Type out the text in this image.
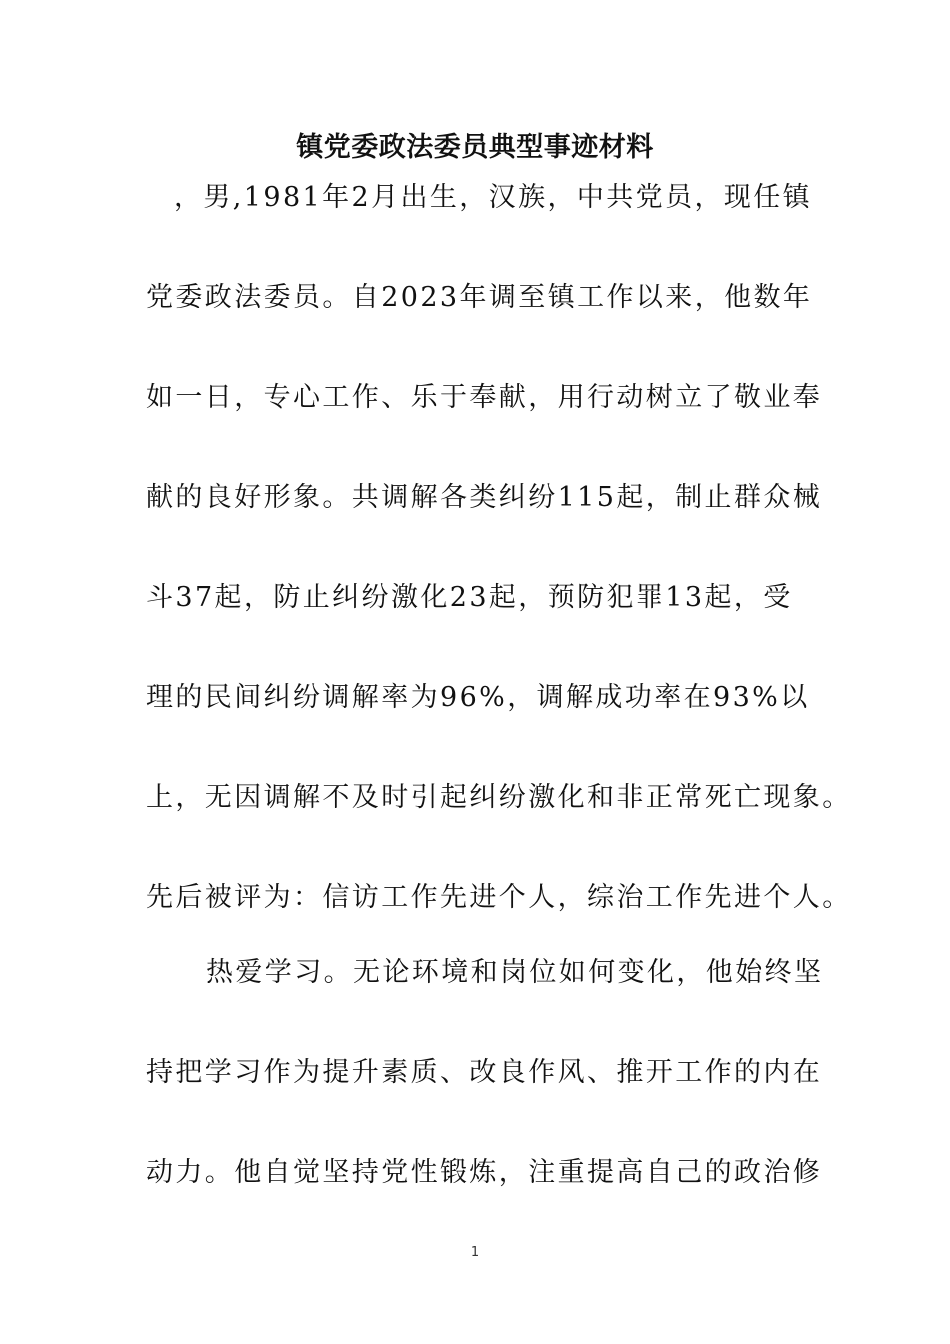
镇党委政法委员典型事迹材料
，男,1981年2月出生，汉族，中共党员，现任镇
党委政法委员。自2023年调至镇工作以来，他数年
如一日，专心工作、乐于奉献，用行动树立了敬业奉
献的良好形象。共调解各类纠纷115起，制止群众械
斗37起，防止纠纷激化23起，预防犯罪13起，受
理的民间纠纷调解率为96%，调解成功率在93%以
上，无因调解不及时引起纠纷激化和非正常死亡现象。
先后被评为：信访工作先进个人，综治工作先进个人。
热爱学习。无论环境和岗位如何变化，他始终坚
持把学习作为提升素质、改良作风、推开工作的内在
动力。他自觉坚持党性锻炼，注重提高自己的政治修
1
